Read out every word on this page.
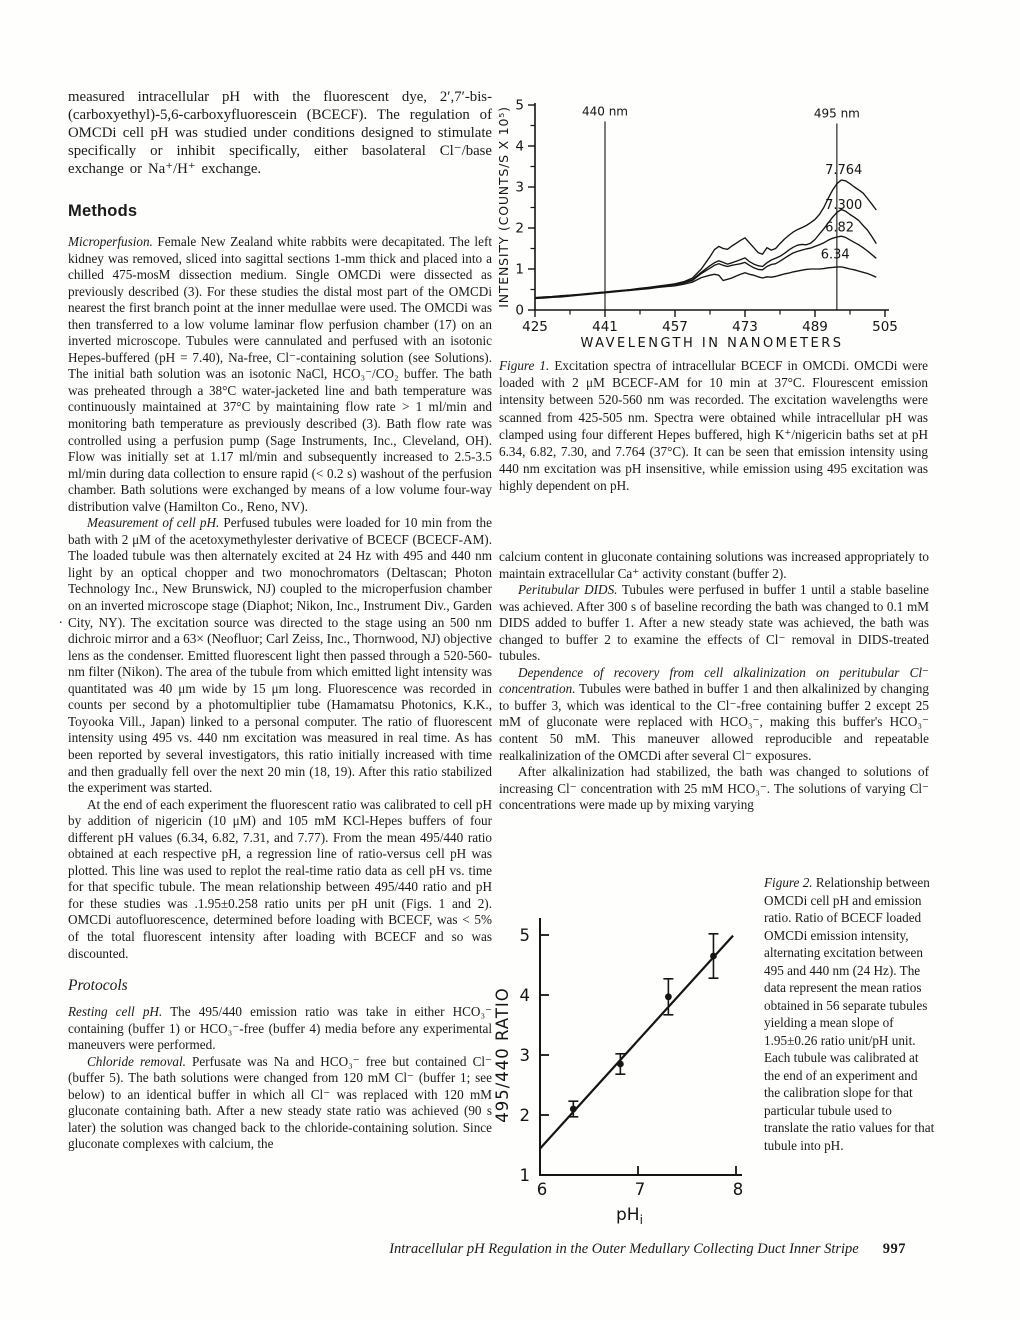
measured intracellular pH with the fluorescent dye, 2′,7′-bis-(carboxyethyl)-5,6-carboxyfluorescein (BCECF). The regulation of OMCDi cell pH was studied under conditions designed to stimulate specifically or inhibit specifically, either basolateral Cl⁻/base exchange or Na⁺/H⁺ exchange.

Methods

Microperfusion. Female New Zealand white rabbits were decapitated. The left kidney was removed, sliced into sagittal sections 1-mm thick and placed into a chilled 475-mosM dissection medium. Single OMCDi were dissected as previously described (3). For these studies the distal most part of the OMCDi nearest the first branch point at the inner medullae were used. The OMCDi was then transferred to a low volume laminar flow perfusion chamber (17) on an inverted microscope. Tubules were cannulated and perfused with an isotonic Hepes-buffered (pH = 7.40), Na-free, Cl⁻-containing solution (see Solutions). The initial bath solution was an isotonic NaCl, HCO₃⁻/CO₂ buffer. The bath was preheated through a 38°C water-jacketed line and bath temperature was continuously maintained at 37°C by maintaining flow rate > 1 ml/min and monitoring bath temperature as previously described (3). Bath flow rate was controlled using a perfusion pump (Sage Instruments, Inc., Cleveland, OH). Flow was initially set at 1.17 ml/min and subsequently increased to 2.5-3.5 ml/min during data collection to ensure rapid (< 0.2 s) washout of the perfusion chamber. Bath solutions were exchanged by means of a low volume four-way distribution valve (Hamilton Co., Reno, NV).

Measurement of cell pH. Perfused tubules were loaded for 10 min from the bath with 2 μM of the acetoxymethylester derivative of BCECF (BCECF-AM). The loaded tubule was then alternately excited at 24 Hz with 495 and 440 nm light by an optical chopper and two monochromators (Deltascan; Photon Technology Inc., New Brunswick, NJ) coupled to the microperfusion chamber on an inverted microscope stage (Diaphot; Nikon, Inc., Instrument Div., Garden City, NY). The excitation source was directed to the stage using an 500 nm dichroic mirror and a 63× (Neofluor; Carl Zeiss, Inc., Thornwood, NJ) objective lens as the condenser. Emitted fluorescent light then passed through a 520-560-nm filter (Nikon). The area of the tubule from which emitted light intensity was quantitated was 40 μm wide by 15 μm long. Fluorescence was recorded in counts per second by a photomultiplier tube (Hamamatsu Photonics, K.K., Toyooka Vill., Japan) linked to a personal computer. The ratio of fluorescent intensity using 495 vs. 440 nm excitation was measured in real time. As has been reported by several investigators, this ratio initially increased with time and then gradually fell over the next 20 min (18, 19). After this ratio stabilized the experiment was started.

At the end of each experiment the fluorescent ratio was calibrated to cell pH by addition of nigericin (10 μM) and 105 mM KCl-Hepes buffers of four different pH values (6.34, 6.82, 7.31, and 7.77). From the mean 495/440 ratio obtained at each respective pH, a regression line of ratio-versus cell pH was plotted. This line was used to replot the real-time ratio data as cell pH vs. time for that specific tubule. The mean relationship between 495/440 ratio and pH for these studies was .1.95±0.258 ratio units per pH unit (Figs. 1 and 2). OMCDi autofluorescence, determined before loading with BCECF, was < 5% of the total fluorescent intensity after loading with BCECF and so was discounted.

Protocols

Resting cell pH. The 495/440 emission ratio was take in either HCO₃⁻ containing (buffer 1) or HCO₃⁻-free (buffer 4) media before any experimental maneuvers were performed.

Chloride removal. Perfusate was Na and HCO₃⁻ free but contained Cl⁻ (buffer 5). The bath solutions were changed from 120 mM Cl⁻ (buffer 1; see below) to an identical buffer in which all Cl⁻ was replaced with 120 mM gluconate containing bath. After a new steady state ratio was achieved (90 s later) the solution was changed back to the chloride-containing solution. Since gluconate complexes with calcium, the

425	441	457	473	489	505
0
1
2
3
4
5	440 nm	495 nm
7.764
7.300
6.82
6.34
WAVELENGTH IN NANOMETERS
INTENSITY (COUNTS/S X 10⁵)

Figure 1. Excitation spectra of intracellular BCECF in OMCDi. OMCDi were loaded with 2 μM BCECF-AM for 10 min at 37°C. Flourescent emission intensity between 520-560 nm was recorded. The excitation wavelengths were scanned from 425-505 nm. Spectra were obtained while intracellular pH was clamped using four different Hepes buffered, high K⁺/nigericin baths set at pH 6.34, 6.82, 7.30, and 7.764 (37°C). It can be seen that emission intensity using 440 nm excitation was pH insensitive, while emission using 495 excitation was highly dependent on pH.

calcium content in gluconate containing solutions was increased appropriately to maintain extracellular Ca⁺ activity constant (buffer 2).

Peritubular DIDS. Tubules were perfused in buffer 1 until a stable baseline was achieved. After 300 s of baseline recording the bath was changed to 0.1 mM DIDS added to buffer 1. After a new steady state was achieved, the bath was changed to buffer 2 to examine the effects of Cl⁻ removal in DIDS-treated tubules.

Dependence of recovery from cell alkalinization on peritubular Cl⁻ concentration. Tubules were bathed in buffer 1 and then alkalinized by changing to buffer 3, which was identical to the Cl⁻-free containing buffer 2 except 25 mM of gluconate were replaced with HCO₃⁻, making this buffer's HCO₃⁻ content 50 mM. This maneuver allowed reproducible and repeatable realkalinization of the OMCDi after several Cl⁻ exposures.

After alkalinization had stabilized, the bath was changed to solutions of increasing Cl⁻ concentration with 25 mM HCO₃⁻. The solutions of varying Cl⁻ concentrations were made up by mixing varying

1
2
3
4
5
6	7	8
495/440 RATIO
$pH_i$

Figure 2. Relationship between OMCDi cell pH and emission ratio. Ratio of BCECF loaded OMCDi emission intensity, alternating excitation between 495 and 440 nm (24 Hz). The data represent the mean ratios obtained in 56 separate tubules yielding a mean slope of 1.95±0.26 ratio unit/pH unit. Each tubule was calibrated at the end of an experiment and the calibration slope for that particular tubule used to translate the ratio values for that tubule into pH.

.
Intracellular pH Regulation in the Outer Medullary Collecting Duct Inner Stripe 997
